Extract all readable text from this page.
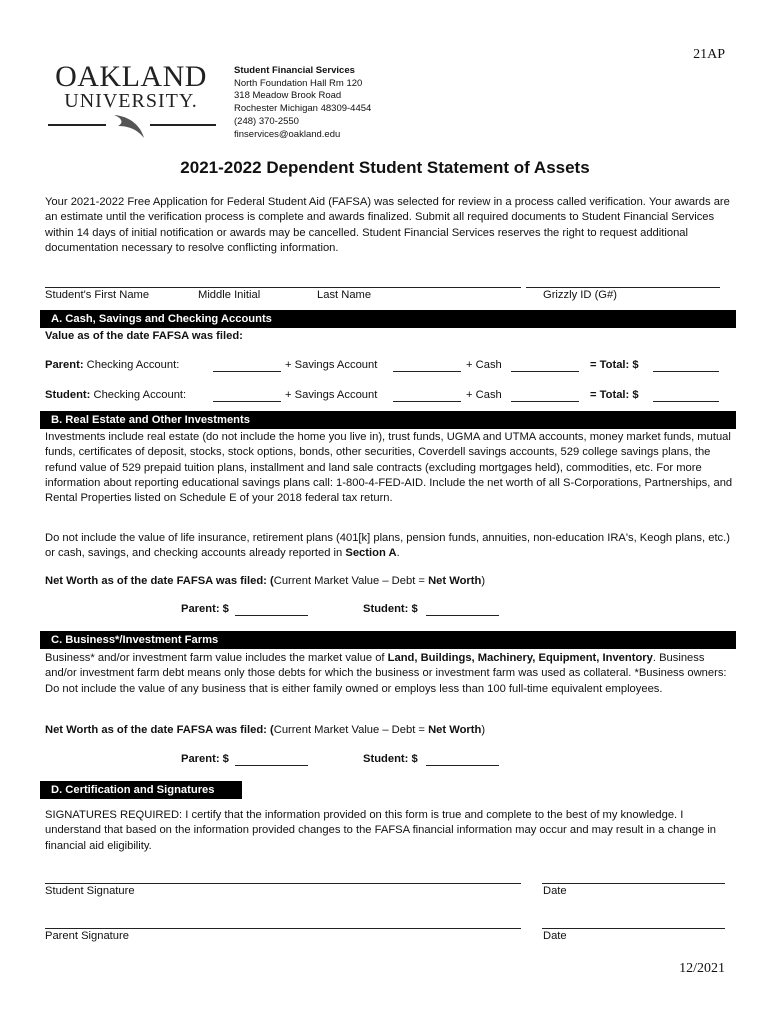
21AP
OAKLAND
UNIVERSITY.
Student Financial Services
North Foundation Hall Rm 120
318 Meadow Brook Road
Rochester Michigan 48309-4454
(248) 370-2550
finservices@oakland.edu
2021-2022 Dependent Student Statement of Assets
Your 2021-2022 Free Application for Federal Student Aid (FAFSA) was selected for review in a process called verification. Your awards are an estimate until the verification process is complete and awards finalized. Submit all required documents to Student Financial Services within 14 days of initial notification or awards may be cancelled. Student Financial Services reserves the right to request additional documentation necessary to resolve conflicting information.
Student's First Name	Middle Initial	Last Name	Grizzly ID (G#)
A. Cash, Savings and Checking Accounts
Value as of the date FAFSA was filed:
Parent: Checking Account:	+ Savings Account	+ Cash	= Total: $
Student: Checking Account:	+ Savings Account	+ Cash	= Total: $
B. Real Estate and Other Investments
Investments include real estate (do not include the home you live in), trust funds, UGMA and UTMA accounts, money market funds, mutual funds, certificates of deposit, stocks, stock options, bonds, other securities, Coverdell savings accounts, 529 college savings plans, the refund value of 529 prepaid tuition plans, installment and land sale contracts (excluding mortgages held), commodities, etc. For more information about reporting educational savings plans call: 1-800-4-FED-AID. Include the net worth of all S-Corporations, Partnerships, and Rental Properties listed on Schedule E of your 2018 federal tax return.
Do not include the value of life insurance, retirement plans (401[k] plans, pension funds, annuities, non-education IRA's, Keogh plans, etc.) or cash, savings, and checking accounts already reported in Section A.
Net Worth as of the date FAFSA was filed: (Current Market Value – Debt = Net Worth)
Parent: $	Student: $
C. Business*/Investment Farms
Business* and/or investment farm value includes the market value of Land, Buildings, Machinery, Equipment, Inventory. Business and/or investment farm debt means only those debts for which the business or investment farm was used as collateral. *Business owners: Do not include the value of any business that is either family owned or employs less than 100 full-time equivalent employees.
Net Worth as of the date FAFSA was filed: (Current Market Value – Debt = Net Worth)
Parent: $	Student: $
D. Certification and Signatures
SIGNATURES REQUIRED: I certify that the information provided on this form is true and complete to the best of my knowledge. I understand that based on the information provided changes to the FAFSA financial information may occur and may result in a change in financial aid eligibility.
Student Signature	Date
Parent Signature	Date
12/2021
